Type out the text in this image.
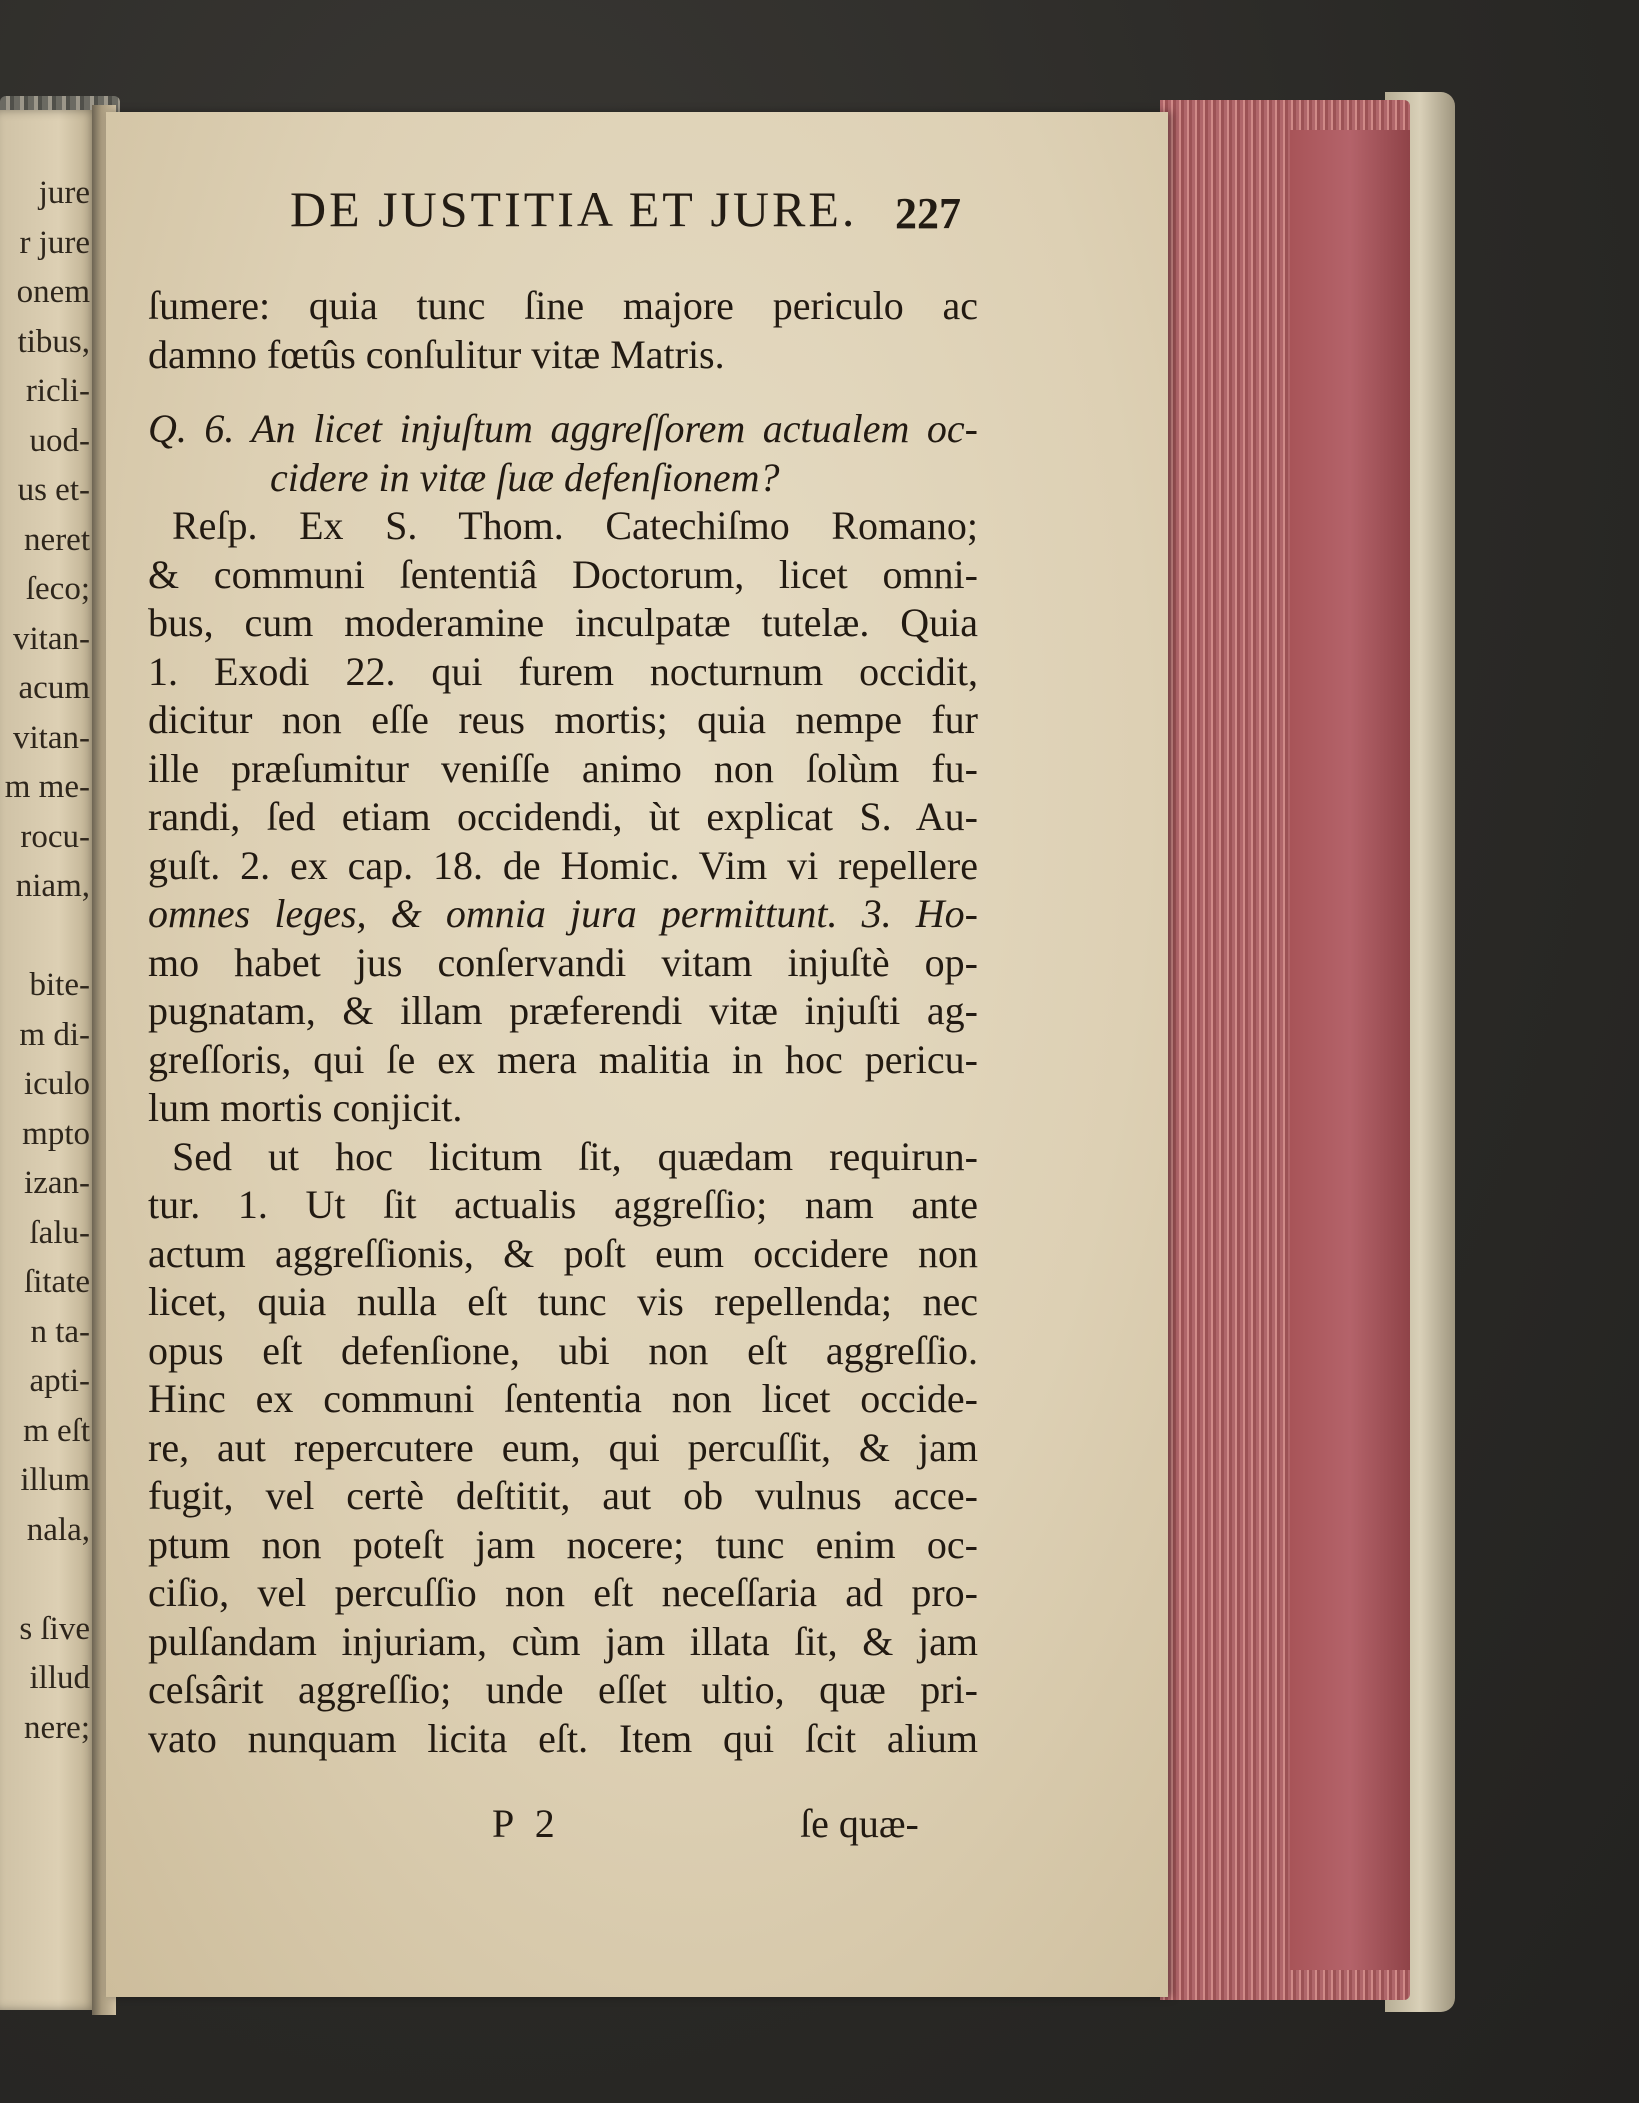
jure
r jure
onem
tibus,
ricli-
uod-
us et-
neret
ſeco;
vitan-
acum
vitan-
m me-
rocu-
niam,
bite-
m di-
iculo
mpto
izan-
ſalu-
ſitate
n ta-
apti-
m eſt
illum
nala,
s ſive
illud
nere;
DE JUSTITIA ET JURE. 227
ſumere: quia tunc ſine majore periculo ac
damno fœtûs conſulitur vitæ Matris.
Q. 6. An licet injuſtum aggreſſorem actualem oc-
cidere in vitæ ſuæ defenſionem?
Reſp. Ex S. Thom. Catechiſmo Romano;
& communi ſententiâ Doctorum, licet omni-
bus, cum moderamine inculpatæ tutelæ. Quia
1. Exodi 22. qui furem nocturnum occidit,
dicitur non eſſe reus mortis; quia nempe fur
ille præſumitur veniſſe animo non ſolùm fu-
randi, ſed etiam occidendi, ùt explicat S. Au-
guſt. 2. ex cap. 18. de Homic. Vim vi repellere
omnes leges, & omnia jura permittunt. 3. Ho-
mo habet jus conſervandi vitam injuſtè op-
pugnatam, & illam præferendi vitæ injuſti ag-
greſſoris, qui ſe ex mera malitia in hoc pericu-
lum mortis conjicit.
Sed ut hoc licitum ſit, quædam requirun-
tur. 1. Ut ſit actualis aggreſſio; nam ante
actum aggreſſionis, & poſt eum occidere non
licet, quia nulla eſt tunc vis repellenda; nec
opus eſt defenſione, ubi non eſt aggreſſio.
Hinc ex communi ſententia non licet occide-
re, aut repercutere eum, qui percuſſit, & jam
fugit, vel certè deſtitit, aut ob vulnus acce-
ptum non poteſt jam nocere; tunc enim oc-
ciſio, vel percuſſio non eſt neceſſaria ad pro-
pulſandam injuriam, cùm jam illata ſit, & jam
ceſsârit aggreſſio; unde eſſet ultio, quæ pri-
vato nunquam licita eſt. Item qui ſcit alium
P 2	ſe quæ-
